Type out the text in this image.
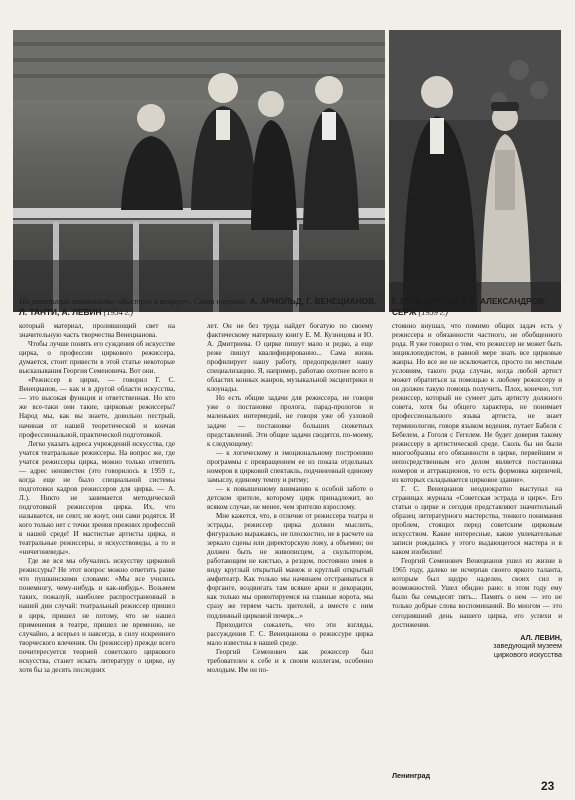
На репетиции пантомимы «Выстрел в пещере». Слева направо: А. АРНОЛЬД, Г. ВЕНЕЦИАНОВ, Л. ТАНТИ, А. ЛЕВИН (1954 г.)
Г. ВЕНЕЦИАНОВ и А. АЛЕКСАНДРОВ-СЕРЖ (1959 г.)

который материал, пролившощий свет на значительную часть творчества Венецианова.

Чтобы лучше понять его суждения об искусстве цирка, о профессии циркового режиссера, думается, стоит привести в этой статье некоторые высказывания Георгия Семеновича. Вот они.

«Режиссер в цирке, — говорил Г. С. Венецианов, — как и в другой области искусства, — это высокая функция и ответственная. Но кто же все-таки они такие, цирковые режиссеры? Народ мы, как вы знаете, довольно пестрый, начиная от нашей теоретической и кончая профессиональной, практической подготовкой.

Легко указать адреса учреждений искусства, где учатся театральные режиссеры. На вопрос же, где учатся режиссеры цирка, можно только ответить — адрес неизвестен (это говорилось в 1959 г., когда еще не было специальной системы подготовки кадров режиссеров для цирка. — А. Л.). Никто не занимается методической подготовкой режиссеров цирка. Их, что называется, не сеют, не жнут, они сами родятся. И кого только нет с точки зрения прежних профессий в нашей среде! И мастистые артисты цирка, и театральные режиссеры, и искусствоведы, а то и «ничегоневеды».

Где же вся мы обучались искусству цирковой режиссуры? Не этот вопрос можно ответить разве что пушкинскими словами: «Мы все учились понемногу, чему-нибудь и как-нибудь». Возьмем таких, пожалуй, наиболее распространенный в нашей дни случай: театральный режиссер пришел в цирк, пришел не потому, что не нашел применения в театре, пришел не временно, не случайно, а всерьез и навсегда, в силу искреннего творческого влечения. Он (режиссер) прежде всего почитересуется теорией советского циркового искусства, станет искать литературу о цирке, ну хотя бы за десять последних

лет. Он не без труда найдет богатую по своему фактическому материалу книгу Е. М. Кузнецова и Ю. А. Дмитриева. О цирке пишут мало и редко, а еще реже пишут квалифицированно... Сама жизнь профилирует нашу работу, предопределяет нашу специализацию. Я, например, работаю охотнее всего в областях конных жанров, музыкальной эксцентрики и клоунады.

Но есть общие задачи для режиссера, не говоря уже о постановке пролога, парад-прологов и маленьких интермедий, не говоря уже об узловой задаче — постановке больших сюжетных представлений. Эти общие задачи сводятся, по-моему, к следующему:

— к логическому и эмоциональному построению программы с превращением ее из показа отдельных номеров в цирковой спектакль, подчиненный единому замыслу, единому темпу и ритму;

— к повышенному вниманию к особой заботе о детском зрителе, которому цирк принадлежит, во всяком случае, не менее, чем зрителю взрослому.

Мне кажется, что, в отличие от режиссера театра и эстрады, режиссер цирка должен мыслить, фигурально выражаясь, не плоскостно, не в расчете на зеркало сцены или директорскую ложу, а объемно; он должен быть не живописцем, а скульптором, работающим не кистью, а резцом, постоянно имея в виду круглый открытый манеж и круглый открытый амфитеатр. Как только мы начинаем отстраиваться в форганге, воздвигать там всякие арки и декорации, как только мы ориентируемся на главные ворота, мы сразу же теряем часть зрителей, а вместе с ним подлинный цирковой почерк...»

Приходится сожалеть, что эти взгляды, рассуждения Г. С. Венецианова о режиссуре цирка мало известны в нашей среде.

Георгий Семенович как режиссер был требователен к себе и к своим коллегам, особенно молодым. Им он по-

стоянно внушал, что помимо общих задач есть у режиссера и обязанности частного, не обобщенного рода. Я уже говорил о том, что режиссер не может быть энциклопедистом, в равной мере знать все цирковые жанры. Но все же не исключается, просто по местным условиям, такого рода случаи, когда любой артист может обратиться за помощью к любому режиссеру и он должен такую помощь получить. Плох, конечно, тот режиссер, который не сумеет дать артисту должного совета, хотя бы общего характера, не понимает профессионального языка артиста, не знает терминологии, говоря языком ведения, путает Бабеля с Бебелем, а Гоголя с Гегелем. Не будет доверия такому режиссеру в артистической среде. Сколь бы ни были многообразны его обязанности в цирке, первейшим и непосредственным его делом является постановка номеров и аттракционов, то есть формовка кирпичей, из которых складывается цирковое здание».

Г. С. Венецианов неоднократно выступал на страницах журнала «Советская эстрада и цирк». Его статьи о цирке и сегодня представляют значительный образец литературного мастерства, тонкого понимания проблем, стоящих перед советским цирковым искусством. Какие интересные, какие увлекательные записи рождались у этого выдающегося мастера и в каком изобилии!

Георгий Семенович Венецианов ушел из жизни в 1965 году, далеко не исчерпав своего яркого таланта, которым был щедро наделен, своих сил и возможностей. Ушел обидно рано: в этом году ему было бы семьдесят пять... Память о нем — это не только добрые слова воспоминаний. Во многом — это сегодняшний день нашего цирка, его успехи и достижения.

АЛ. ЛЕВИН,
заведующий музеем
циркового искусства
Ленинград
23
